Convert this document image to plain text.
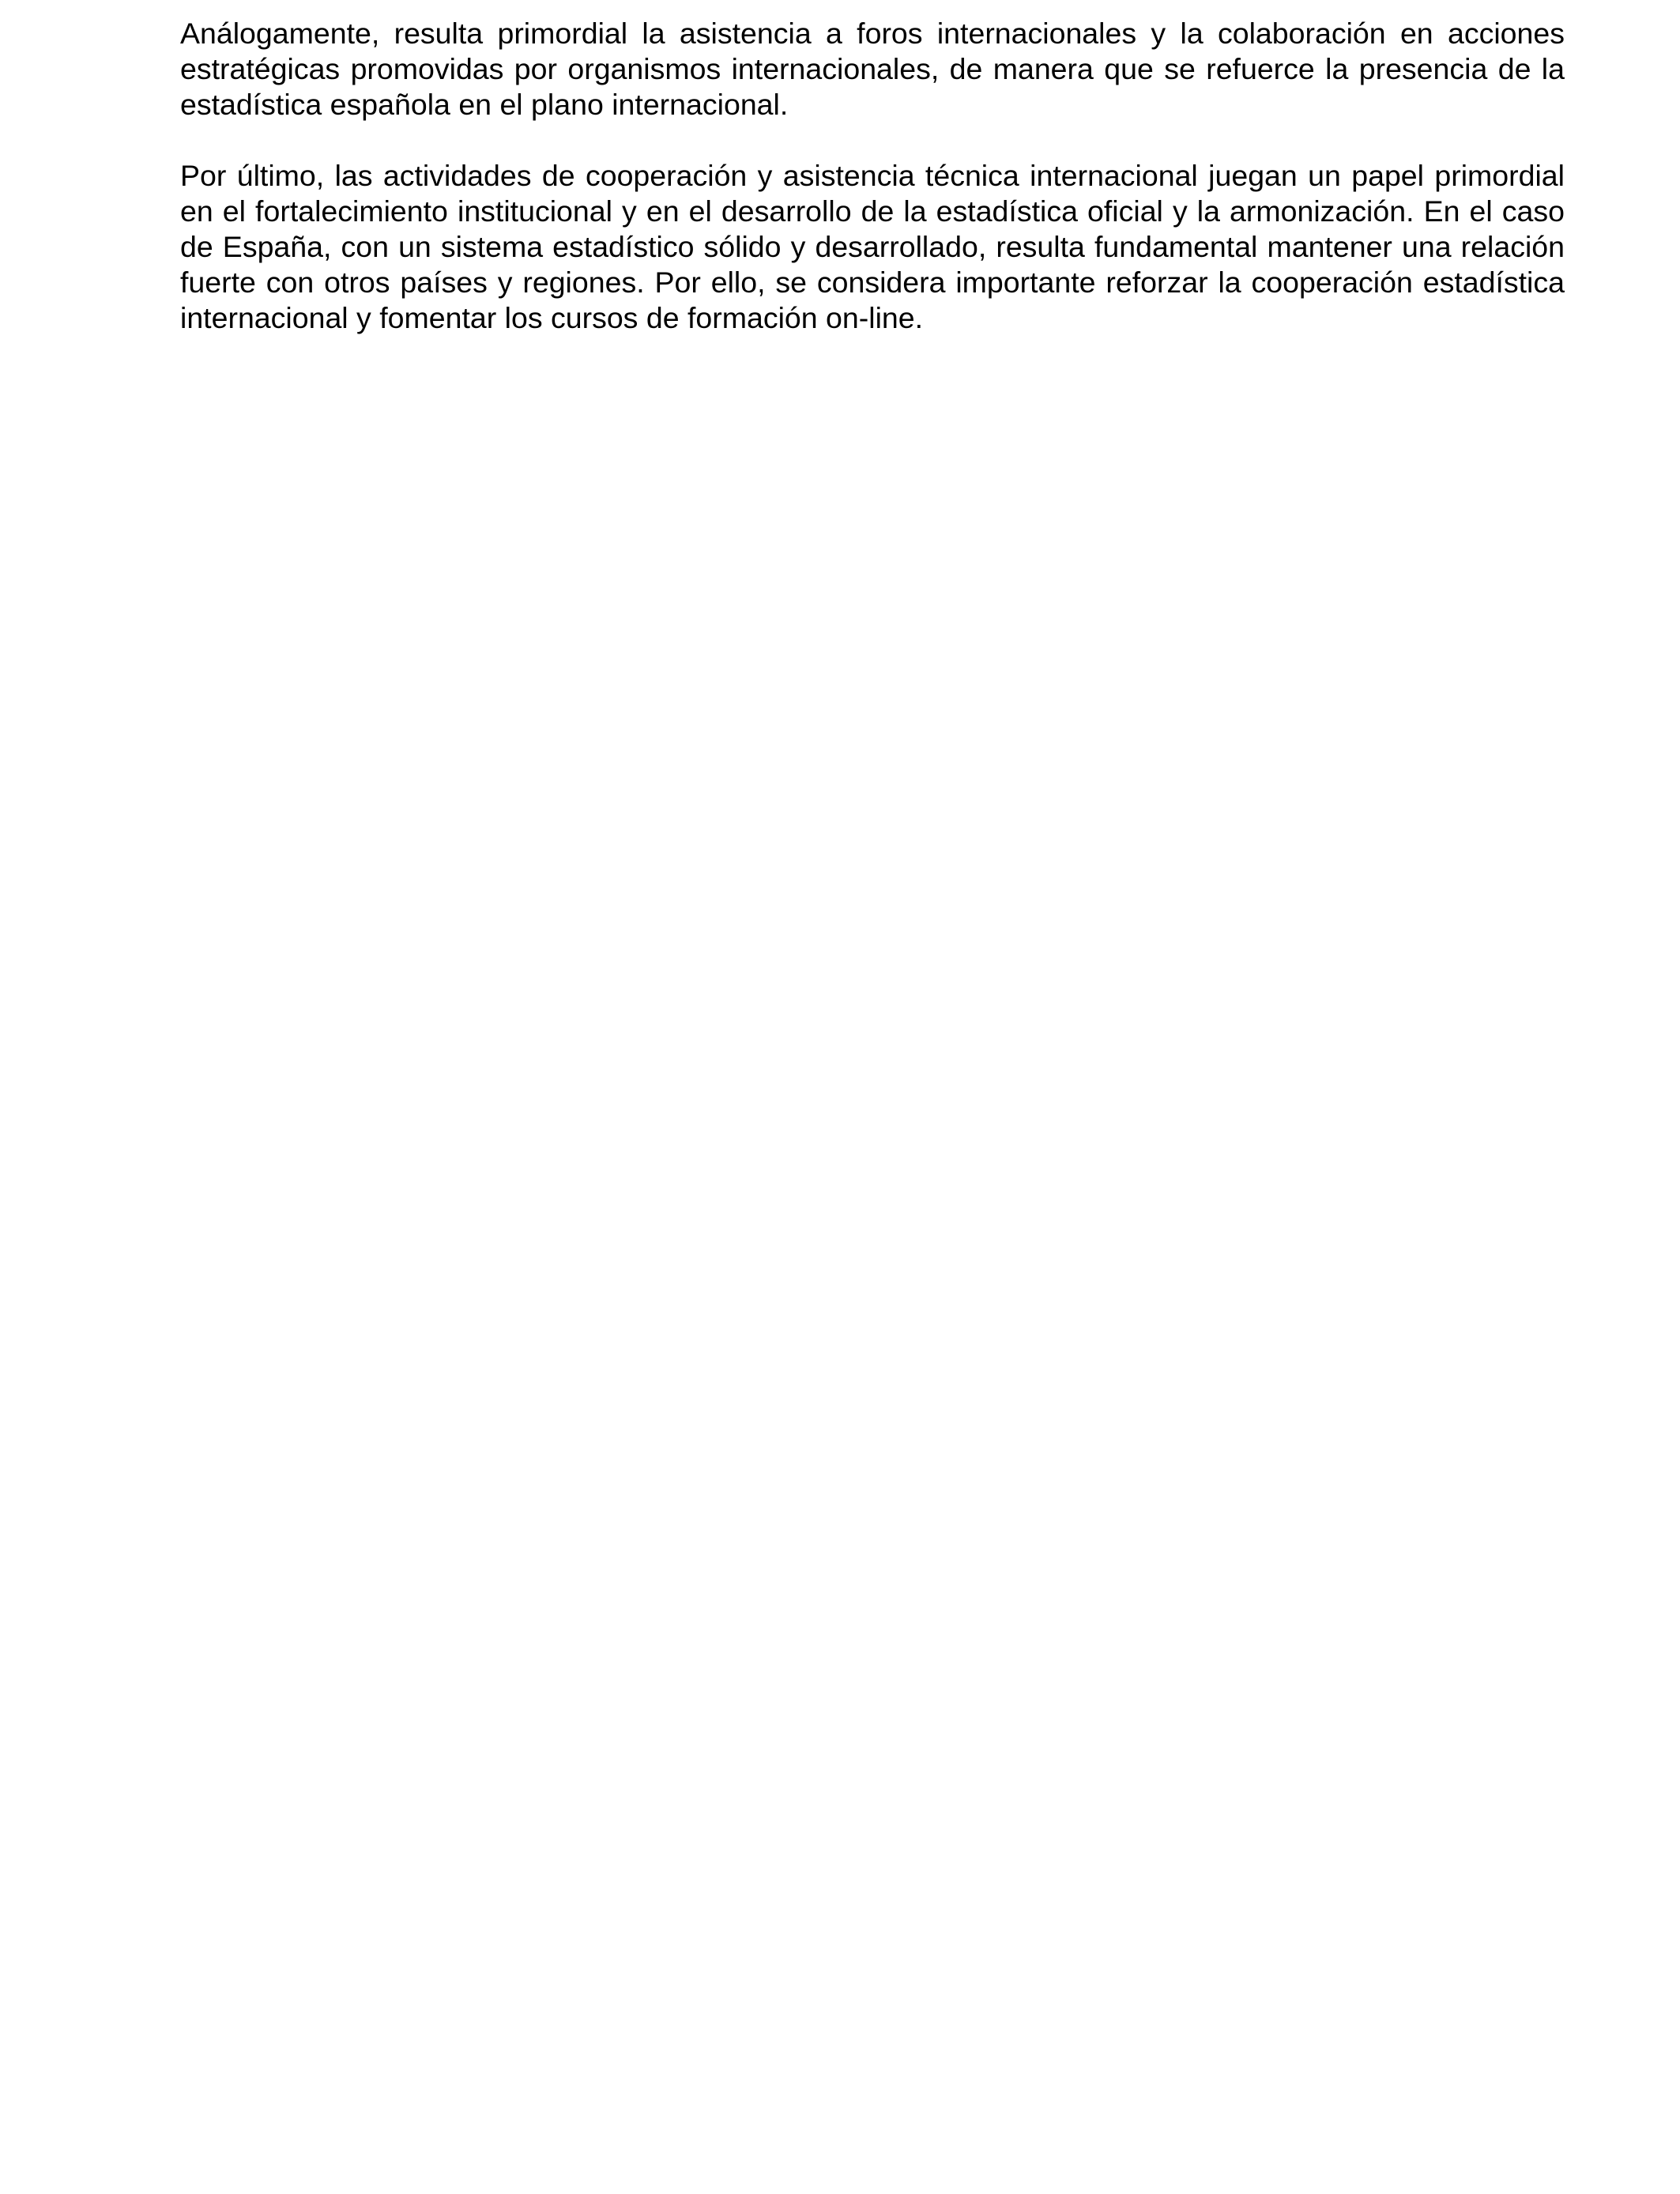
Análogamente, resulta primordial la asistencia a foros internacionales y la colaboración en acciones estratégicas promovidas por organismos internacionales, de manera que se refuerce la presencia de la estadística española en el plano internacional.

Por último, las actividades de cooperación y asistencia técnica internacional juegan un papel primordial en el fortalecimiento institucional y en el desarrollo de la estadística oficial y la armonización. En el caso de España, con un sistema estadístico sólido y desarrollado, resulta fundamental mantener una relación fuerte con otros países y regiones. Por ello, se considera importante reforzar la cooperación estadística internacional y fomentar los cursos de formación on-line.
